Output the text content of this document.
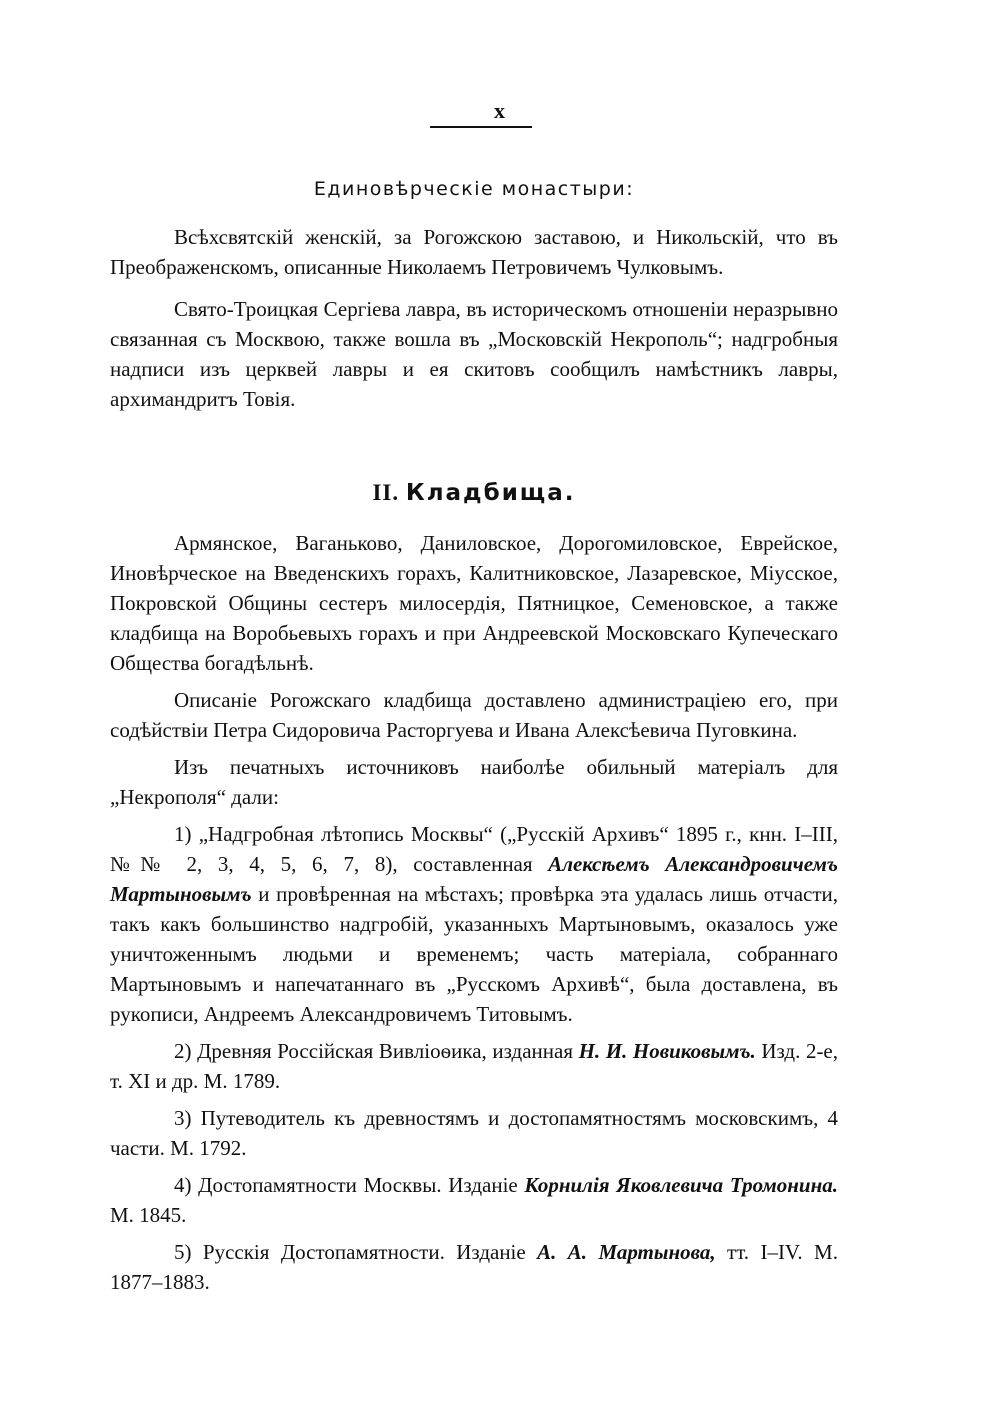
x
Единовѣрческіе монастыри:

Всѣхсвятскій женскій, за Рогожскою заставою, и Никольскій, что въ Преображенскомъ, описанные Николаемъ Петровичемъ Чулковымъ.

Свято-Троицкая Сергіева лавра, въ историческомъ отношеніи неразрывно связанная съ Москвою, также вошла въ „Московскій Некрополь“; надгробныя надписи изъ церквей лавры и ея скитовъ сообщилъ намѣстникъ лавры, архимандритъ Товія.

II. Кладбища.

Армянское, Ваганьково, Даниловское, Дорогомиловское, Еврейское, Иновѣрческое на Введенскихъ горахъ, Калитниковское, Лазаревское, Міусское, Покровской Общины сестеръ милосердія, Пятницкое, Семеновское, а также кладбища на Воробьевыхъ горахъ и при Андреевской Московскаго Купеческаго Общества богадѣльнѣ.

Описаніе Рогожскаго кладбища доставлено администраціею его, при содѣйствіи Петра Сидоровича Расторгуева и Ивана Алексѣевича Пуговкина.

Изъ печатныхъ источниковъ наиболѣе обильный матеріалъ для „Некрополя“ дали:

1) „Надгробная лѣтопись Москвы“ („Русскій Архивъ“ 1895 г., кнн. I–III, №№ 2, 3, 4, 5, 6, 7, 8), составленная Алексѣемъ Александровичемъ Мартыновымъ и провѣренная на мѣстахъ; провѣрка эта удалась лишь отчасти, такъ какъ большинство надгробій, указанныхъ Мартыновымъ, оказалось уже уничтоженнымъ людьми и временемъ; часть матеріала, собраннаго Мартыновымъ и напечатаннаго въ „Русскомъ Архивѣ“, была доставлена, въ рукописи, Андреемъ Александровичемъ Титовымъ.

2) Древняя Россійская Вивліоѳика, изданная Н. И. Новиковымъ. Изд. 2-е, т. XI и др. М. 1789.

3) Путеводитель къ древностямъ и достопамятностямъ московскимъ, 4 части. М. 1792.

4) Достопамятности Москвы. Изданіе Корнилія Яковлевича Тромонина. М. 1845.

5) Русскія Достопамятности. Изданіе А. А. Мартынова, тт. I–IV. М. 1877–1883.
